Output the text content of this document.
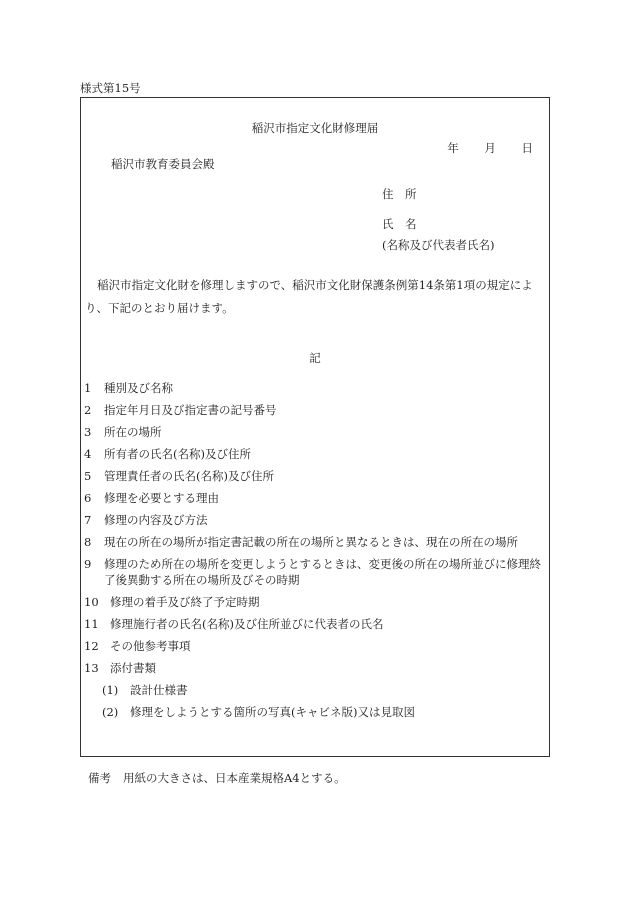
様式第15号
稲沢市指定文化財修理届
年 月 日
稲沢市教育委員会殿
住　所
氏　名
(名称及び代表者氏名)
稲沢市指定文化財を修理しますので、稲沢市文化財保護条例第14条第1項の規定により、下記のとおり届けます。
記
1 種別及び名称
2 指定年月日及び指定書の記号番号
3 所在の場所
4 所有者の氏名(名称)及び住所
5 管理責任者の氏名(名称)及び住所
6 修理を必要とする理由
7 修理の内容及び方法
8 現在の所在の場所が指定書記載の所在の場所と異なるときは、現在の所在の場所
9 修理のため所在の場所を変更しようとするときは、変更後の所在の場所並びに修理終了後異動する所在の場所及びその時期
10 修理の着手及び終了予定時期
11 修理施行者の氏名(名称)及び住所並びに代表者の氏名
12 その他参考事項
13 添付書類
(1) 設計仕様書
(2) 修理をしようとする箇所の写真(キャビネ版)又は見取図
備考 用紙の大きさは、日本産業規格A4とする。
